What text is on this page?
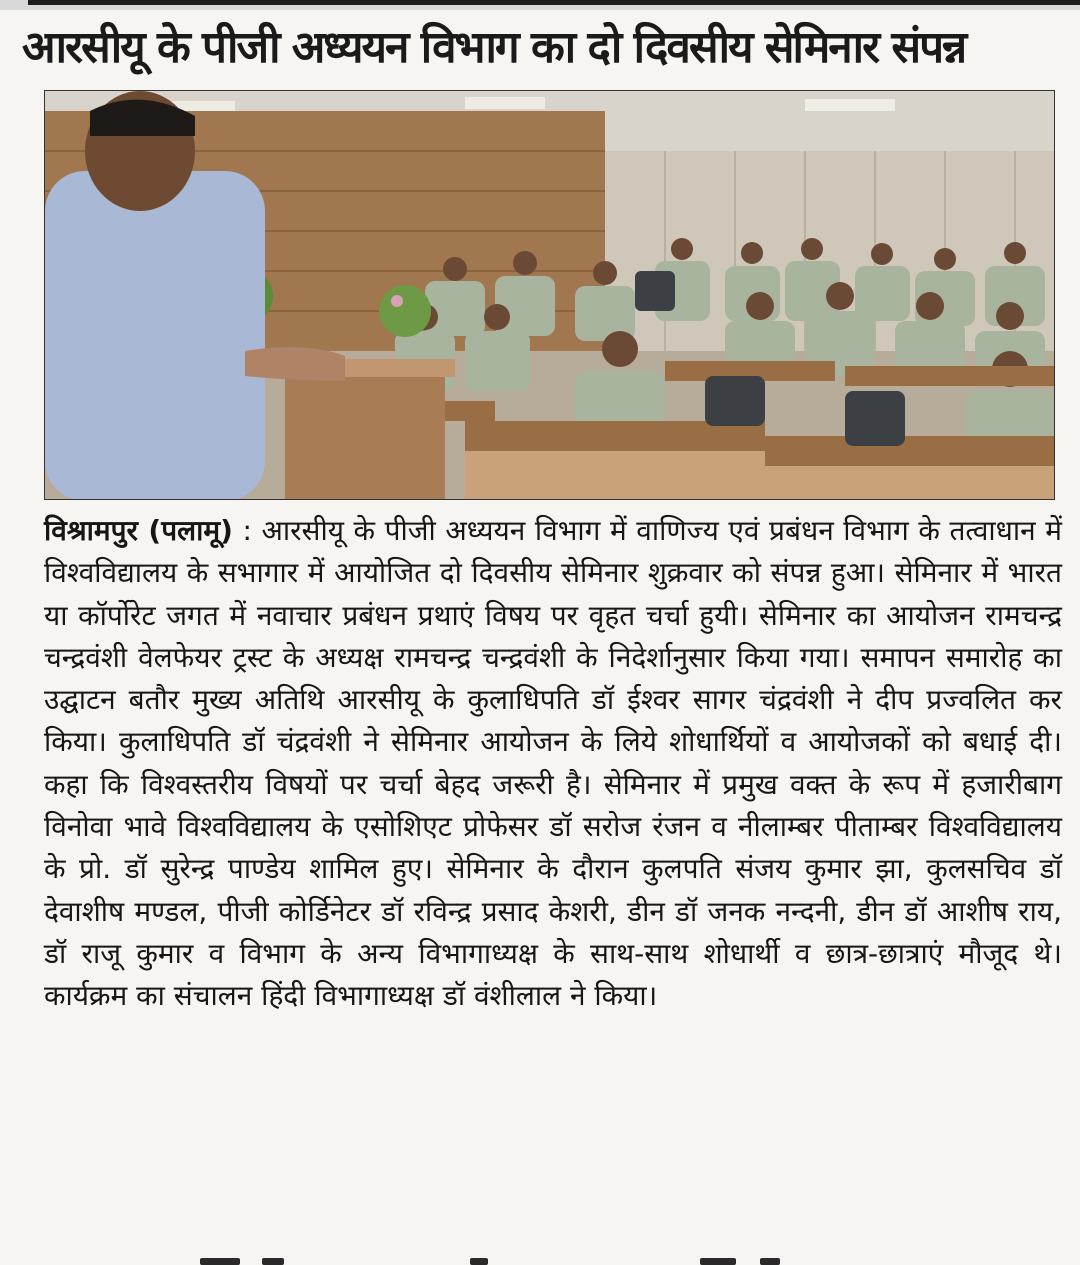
आरसीयू के पीजी अध्ययन विभाग का दो दिवसीय सेमिनार संपन्न
विश्रामपुर (पलामू) : आरसीयू के पीजी अध्ययन विभाग में वाणिज्य एवं प्रबंधन विभाग के तत्वाधान में विश्वविद्यालय के सभागार में आयोजित दो दिवसीय सेमिनार शुक्रवार को संपन्न हुआ। सेमिनार में भारत या कॉर्पोरेट जगत में नवाचार प्रबंधन प्रथाएं विषय पर वृहत चर्चा हुयी। सेमिनार का आयोजन रामचन्द्र चन्द्रवंशी वेलफेयर ट्रस्ट के अध्यक्ष रामचन्द्र चन्द्रवंशी के निदेर्शानुसार किया गया। समापन समारोह का उद्घाटन बतौर मुख्य अतिथि आरसीयू के कुलाधिपति डॉ ईश्वर सागर चंद्रवंशी ने दीप प्रज्वलित कर किया। कुलाधिपति डॉ चंद्रवंशी ने सेमिनार आयोजन के लिये शोधार्थियों व आयोजकों को बधाई दी। कहा कि विश्वस्तरीय विषयों पर चर्चा बेहद जरूरी है। सेमिनार में प्रमुख वक्त के रूप में हजारीबाग विनोवा भावे विश्वविद्यालय के एसोशिएट प्रोफेसर डॉ सरोज रंजन व नीलाम्बर पीताम्बर विश्वविद्यालय के प्रो. डॉ सुरेन्द्र पाण्डेय शामिल हुए। सेमिनार के दौरान कुलपति संजय कुमार झा, कुलसचिव डॉ देवाशीष मण्डल, पीजी कोर्डिनेटर डॉ रविन्द्र प्रसाद केशरी, डीन डॉ जनक नन्दनी, डीन डॉ आशीष राय, डॉ राजू कुमार व विभाग के अन्य विभागाध्यक्ष के साथ-साथ शोधार्थी व छात्र-छात्राएं मौजूद थे। कार्यक्रम का संचालन हिंदी विभागाध्यक्ष डॉ वंशीलाल ने किया।
